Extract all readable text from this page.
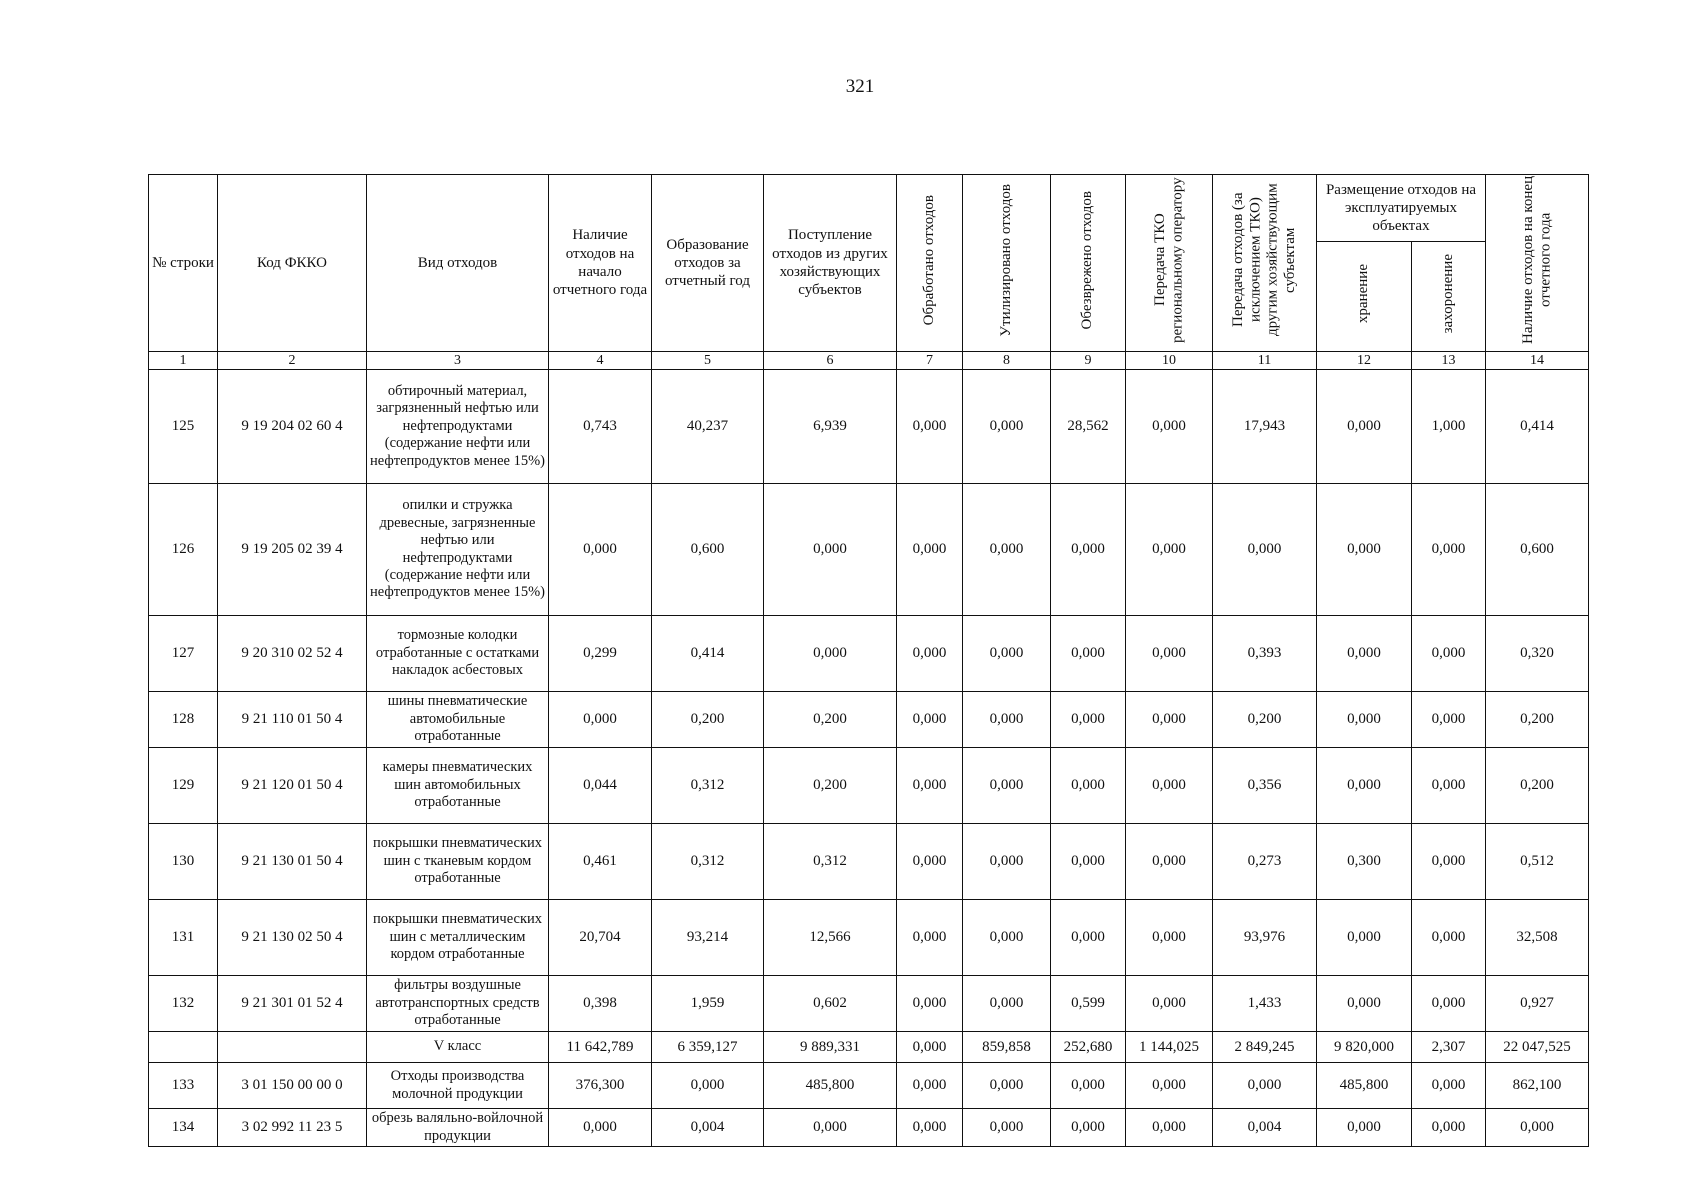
321
№ строки	Код ФККО	Вид отходов	Наличие отходов на начало отчетного года	Образование отходов за отчетный год	Поступление отходов из других хозяйствующих субъектов	Обработано отходов	Утилизировано отходов	Обезврежено отходов	Передача ТКО региональному оператору	Передача отходов (за исключением ТКО) другим хозяйствующим субъектам	Размещение отходов на эксплуатируемых объектах		Наличие отходов на конец отчетного года
											хранение	захоронение	
1	2	3	4	5	6	7	8	9	10	11	12	13	14
125	9 19 204 02 60 4	обтирочный материал, загрязненный нефтью или нефтепродуктами (содержание нефти или нефтепродуктов менее 15%)	0,743	40,237	6,939	0,000	0,000	28,562	0,000	17,943	0,000	1,000	0,414
126	9 19 205 02 39 4	опилки и стружка древесные, загрязненные нефтью или нефтепродуктами (содержание нефти или нефтепродуктов менее 15%)	0,000	0,600	0,000	0,000	0,000	0,000	0,000	0,000	0,000	0,000	0,600
127	9 20 310 02 52 4	тормозные колодки отработанные с остатками накладок асбестовых	0,299	0,414	0,000	0,000	0,000	0,000	0,000	0,393	0,000	0,000	0,320
128	9 21 110 01 50 4	шины пневматические автомобильные отработанные	0,000	0,200	0,200	0,000	0,000	0,000	0,000	0,200	0,000	0,000	0,200
129	9 21 120 01 50 4	камеры пневматических шин автомобильных отработанные	0,044	0,312	0,200	0,000	0,000	0,000	0,000	0,356	0,000	0,000	0,200
130	9 21 130 01 50 4	покрышки пневматических шин с тканевым кордом отработанные	0,461	0,312	0,312	0,000	0,000	0,000	0,000	0,273	0,300	0,000	0,512
131	9 21 130 02 50 4	покрышки пневматических шин с металлическим кордом отработанные	20,704	93,214	12,566	0,000	0,000	0,000	0,000	93,976	0,000	0,000	32,508
132	9 21 301 01 52 4	фильтры воздушные автотранспортных средств отработанные	0,398	1,959	0,602	0,000	0,000	0,599	0,000	1,433	0,000	0,000	0,927
		V класс	11 642,789	6 359,127	9 889,331	0,000	859,858	252,680	1 144,025	2 849,245	9 820,000	2,307	22 047,525
133	3 01 150 00 00 0	Отходы производства молочной продукции	376,300	0,000	485,800	0,000	0,000	0,000	0,000	0,000	485,800	0,000	862,100
134	3 02 992 11 23 5	обрезь валяльно-войлочной продукции	0,000	0,004	0,000	0,000	0,000	0,000	0,000	0,004	0,000	0,000	0,000
